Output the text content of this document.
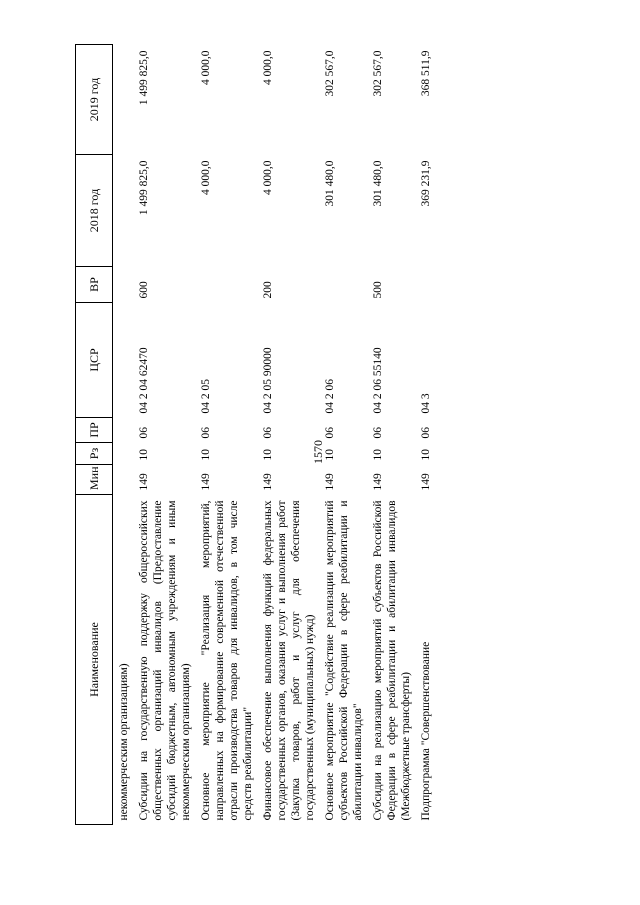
1570
Наименование	Мин	Рз	ПР	ЦСР	ВР	2018 год	2019 год
некоммерческим организациям)							
Субсидии на государственную поддержку общероссийских общественных организаций инвалидов (Предоставление субсидий бюджетным, автономным учреждениям и иным некоммерческим организациям)	149	10	06	04 2 04 62470	600	1 499 825,0	1 499 825,0
Основное мероприятие "Реализация мероприятий, направленных на формирование современной отечественной отрасли производства товаров для инвалидов, в том числе средств реабилитации"	149	10	06	04 2 05		4 000,0	4 000,0
Финансовое обеспечение выполнения функций федеральных государственных органов, оказания услуг и выполнения работ (Закупка товаров, работ и услуг для обеспечения государственных (муниципальных) нужд)	149	10	06	04 2 05 90000	200	4 000,0	4 000,0
Основное мероприятие "Содействие реализации мероприятий субъектов Российской Федерации в сфере реабилитации и абилитации инвалидов"	149	10	06	04 2 06		301 480,0	302 567,0
Субсидии на реализацию мероприятий субъектов Российской Федерации в сфере реабилитации и абилитации инвалидов (Межбюджетные трансферты)	149	10	06	04 2 06 55140	500	301 480,0	302 567,0
Подпрограмма "Совершенствование	149	10	06	04 3		369 231,9	368 511,9
